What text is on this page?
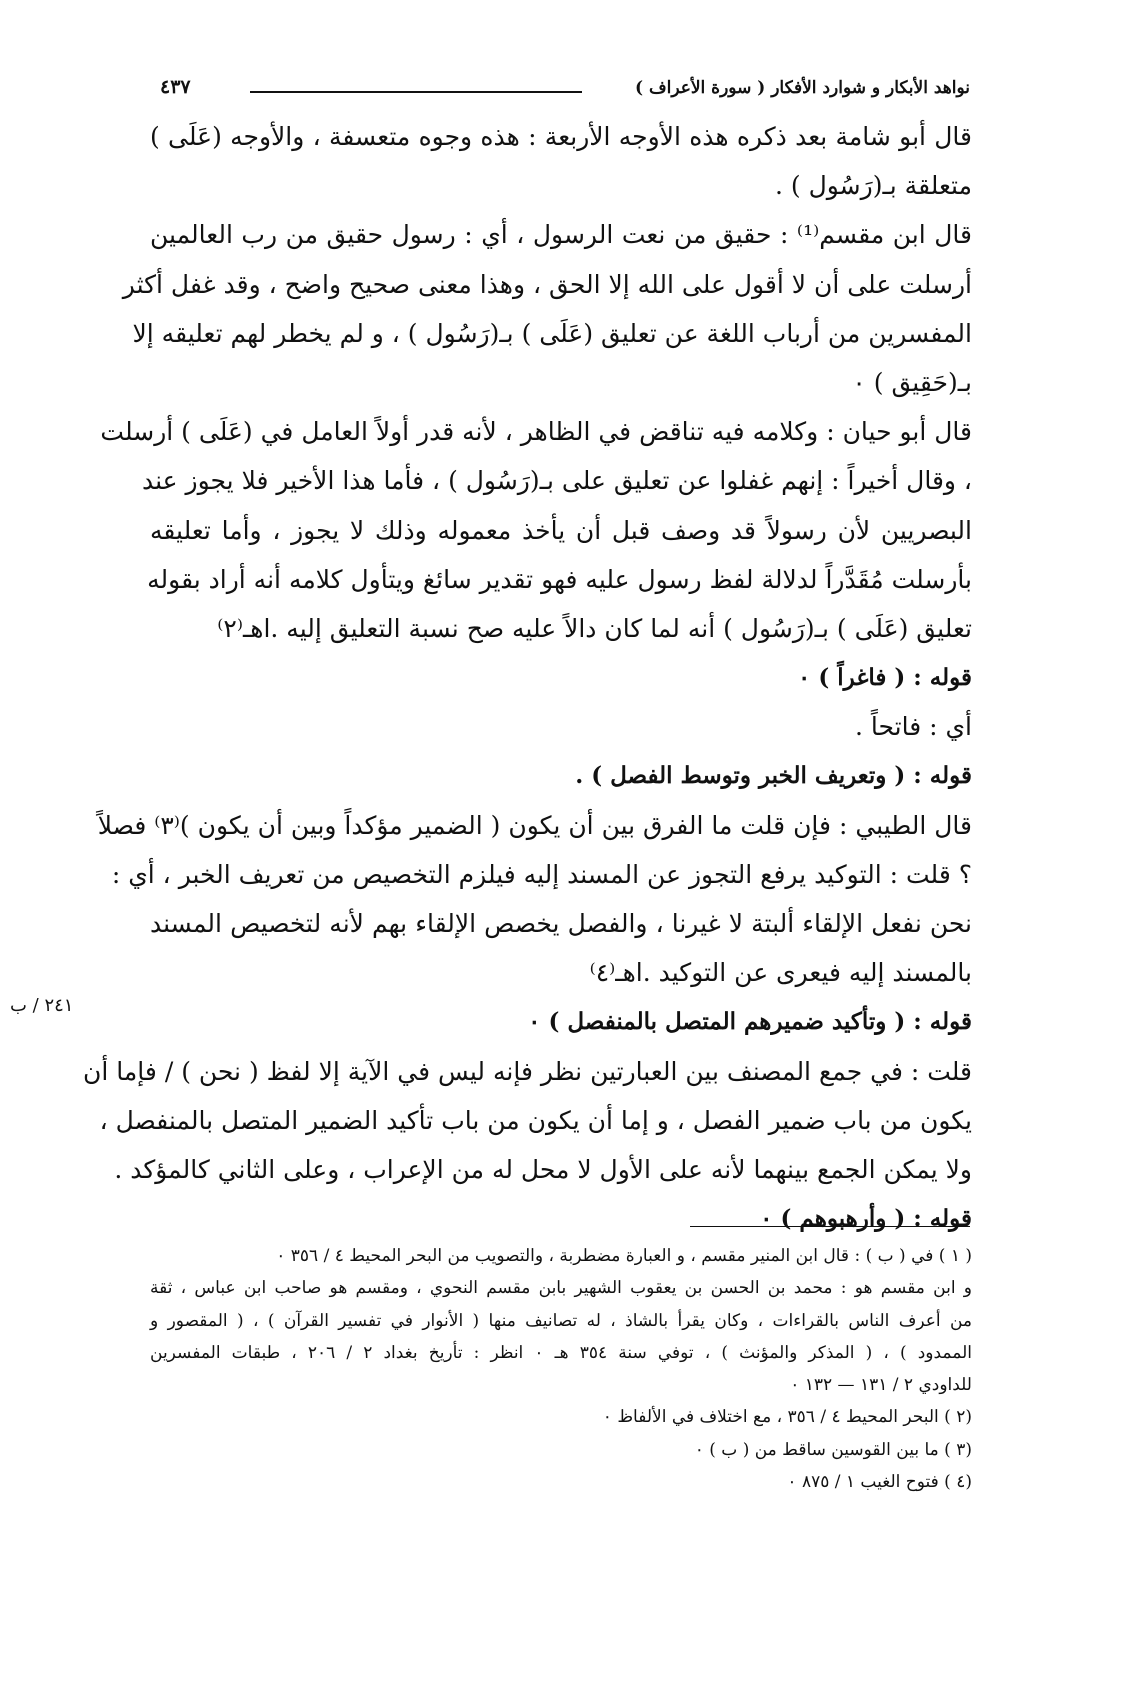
نواهد الأبكار و شوارد الأفكار ( سورة الأعراف )
٤٣٧
قال أبو شامة بعد ذكره هذه الأوجه الأربعة : هذه وجوه متعسفة ، والأوجه (عَلَى )
متعلقة بـ(رَسُول ) .
قال ابن مقسم⁽¹⁾ : حقيق من نعت الرسول ، أي : رسول حقيق من رب العالمين
أرسلت على أن لا أقول على الله إلا الحق ، وهذا معنى صحيح واضح ، وقد غفل أكثر
المفسرين من أرباب اللغة عن تعليق (عَلَى ) بـ(رَسُول ) ، و لم يخطر لهم تعليقه إلا
بـ(حَقِيق ) ٠
قال أبو حيان : وكلامه فيه تناقض في الظاهر ، لأنه قدر أولاً العامل في (عَلَى ) أرسلت
، وقال أخيراً : إنهم غفلوا عن تعليق على بـ(رَسُول ) ، فأما هذا الأخير فلا يجوز عند
البصريين لأن رسولاً قد وصف قبل أن يأخذ معموله وذلك لا يجوز ، وأما تعليقه
بأرسلت مُقَدَّراً لدلالة لفظ رسول عليه فهو تقدير سائغ ويتأول كلامه أنه أراد بقوله
تعليق (عَلَى ) بـ(رَسُول ) أنه لما كان دالاً عليه صح نسبة التعليق إليه .اهـ⁽٢⁾
قوله : ( فاغراً ) ٠
أي : فاتحاً .
قوله : ( وتعريف الخبر وتوسط الفصل ) .
قال الطيبي : فإن قلت ما الفرق بين أن يكون ( الضمير مؤكداً وبين أن يكون )⁽٣⁾ فصلاً
؟ قلت : التوكيد يرفع التجوز عن المسند إليه فيلزم التخصيص من تعريف الخبر ، أي :
نحن نفعل الإلقاء ألبتة لا غيرنا ، والفصل يخصص الإلقاء بهم لأنه لتخصيص المسند
بالمسند إليه فيعرى عن التوكيد .اهـ⁽٤⁾
قوله : ( وتأكيد ضميرهم المتصل بالمنفصل ) ٠
قلت : في جمع المصنف بين العبارتين نظر فإنه ليس في الآية إلا لفظ ( نحن ) / فإما أن
يكون من باب ضمير الفصل ، و إما أن يكون من باب تأكيد الضمير المتصل بالمنفصل ،
ولا يمكن الجمع بينهما لأنه على الأول لا محل له من الإعراب ، وعلى الثاني كالمؤكد .
قوله : ( وأرهبوهم ) ٠
٢٤١ / ب
( ١ ) في ( ب ) : قال ابن المنير مقسم ، و العبارة مضطربة ، والتصويب من البحر المحيط ٤ / ٣٥٦ ٠
و ابن مقسم هو : محمد بن الحسن بن يعقوب الشهير بابن مقسم النحوي ، ومقسم هو صاحب ابن عباس ، ثقة
من أعرف الناس بالقراءات ، وكان يقرأ بالشاذ ، له تصانيف منها ( الأنوار في تفسير القرآن ) ، ( المقصور و
الممدود ) ، ( المذكر والمؤنث ) ، توفي سنة ٣٥٤ هـ ٠ انظر : تأريخ بغداد ٢ / ٢٠٦ ، طبقات المفسرين
للداودي ٢ / ١٣١ — ١٣٢ ٠
(٢ ) البحر المحيط ٤ / ٣٥٦ ، مع اختلاف في الألفاظ ٠
(٣ ) ما بين القوسين ساقط من ( ب ) ٠
(٤ ) فتوح الغيب ١ / ٨٧٥ ٠
